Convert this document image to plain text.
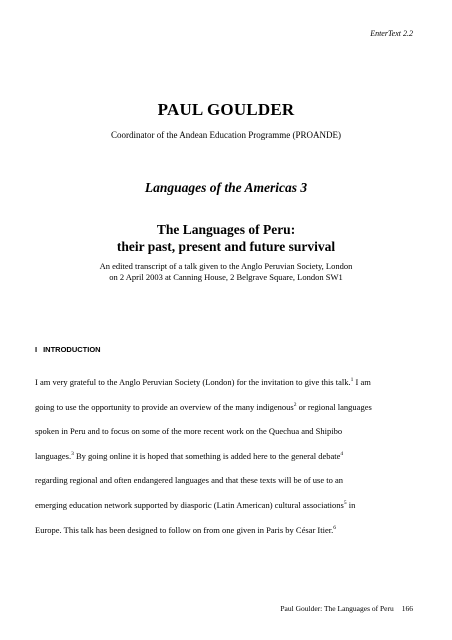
EnterText 2.2
PAUL GOULDER
Coordinator of the Andean Education Programme (PROANDE)
Languages of the Americas 3
The Languages of Peru:
their past, present and future survival
An edited transcript of a talk given to the Anglo Peruvian Society, London
on 2 April 2003 at Canning House, 2 Belgrave Square, London SW1
I INTRODUCTION
I am very grateful to the Anglo Peruvian Society (London) for the invitation to give this talk.$^1$ I am
going to use the opportunity to provide an overview of the many indigenous$^2$ or regional languages
spoken in Peru and to focus on some of the more recent work on the Quechua and Shipibo
languages.$^3$ By going online it is hoped that something is added here to the general debate$^4$
regarding regional and often endangered languages and that these texts will be of use to an
emerging education network supported by diasporic (Latin American) cultural associations$^5$ in
Europe. This talk has been designed to follow on from one given in Paris by César Itier.$^6$
Paul Goulder: The Languages of Peru 166
